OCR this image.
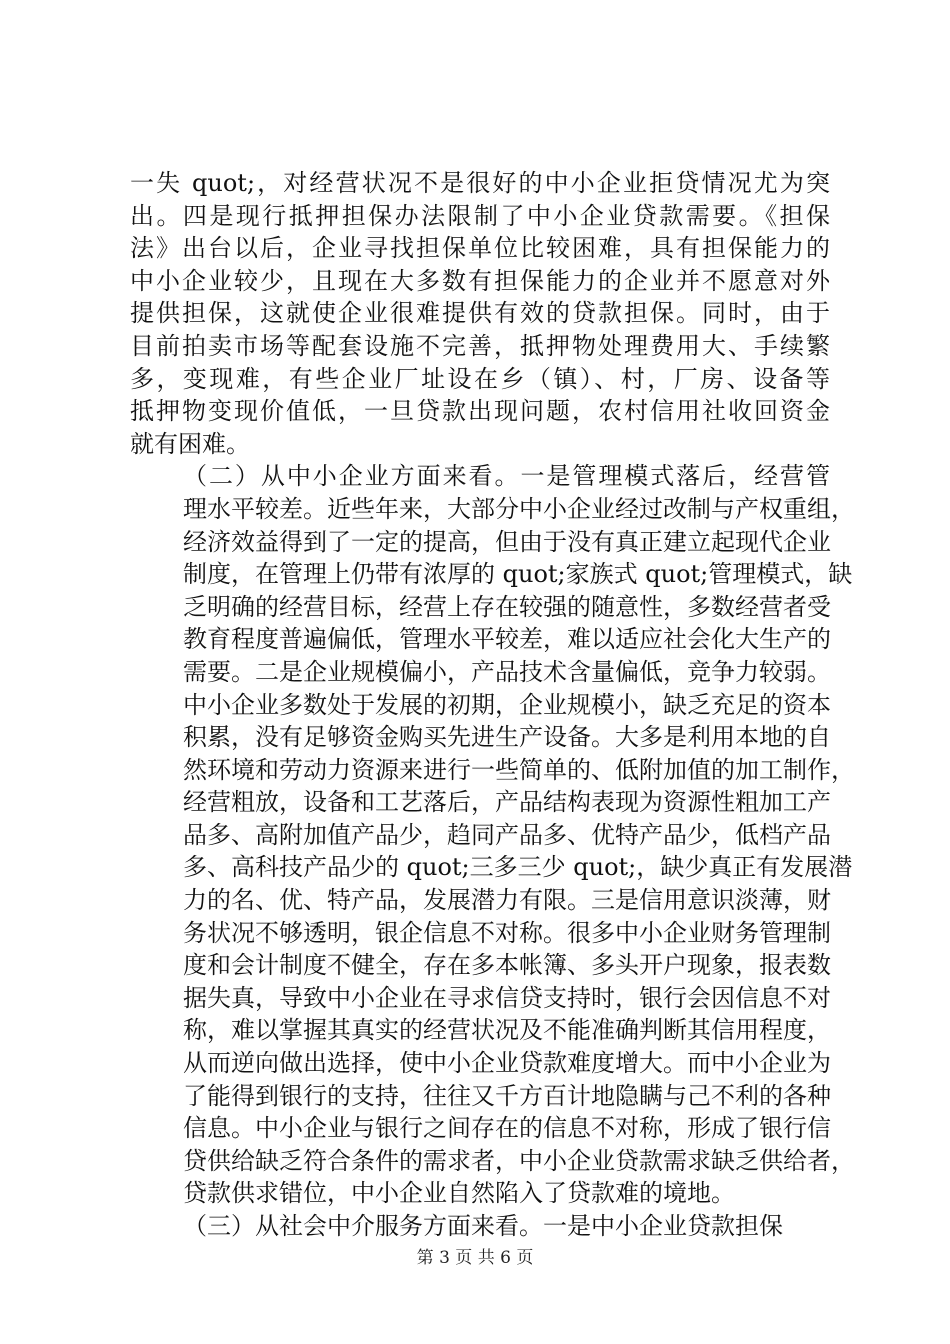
一失 quot;，对经营状况不是很好的中小企业拒贷情况尤为突
出。四是现行抵押担保办法限制了中小企业贷款需要。《担保
法》出台以后，企业寻找担保单位比较困难，具有担保能力的
中小企业较少，且现在大多数有担保能力的企业并不愿意对外
提供担保，这就使企业很难提供有效的贷款担保。同时，由于
目前拍卖市场等配套设施不完善，抵押物处理费用大、手续繁
多，变现难，有些企业厂址设在乡（镇）、村，厂房、设备等
抵押物变现价值低，一旦贷款出现问题，农村信用社收回资金
就有困难。
（二）从中小企业方面来看。一是管理模式落后，经营管
理水平较差。近些年来，大部分中小企业经过改制与产权重组，
经济效益得到了一定的提高，但由于没有真正建立起现代企业
制度，在管理上仍带有浓厚的 quot;家族式 quot;管理模式，缺
乏明确的经营目标，经营上存在较强的随意性，多数经营者受
教育程度普遍偏低，管理水平较差，难以适应社会化大生产的
需要。二是企业规模偏小，产品技术含量偏低，竞争力较弱。
中小企业多数处于发展的初期，企业规模小，缺乏充足的资本
积累，没有足够资金购买先进生产设备。大多是利用本地的自
然环境和劳动力资源来进行一些简单的、低附加值的加工制作，
经营粗放，设备和工艺落后，产品结构表现为资源性粗加工产
品多、高附加值产品少，趋同产品多、优特产品少，低档产品
多、高科技产品少的 quot;三多三少 quot;，缺少真正有发展潜
力的名、优、特产品，发展潜力有限。三是信用意识淡薄，财
务状况不够透明，银企信息不对称。很多中小企业财务管理制
度和会计制度不健全，存在多本帐簿、多头开户现象，报表数
据失真，导致中小企业在寻求信贷支持时，银行会因信息不对
称，难以掌握其真实的经营状况及不能准确判断其信用程度，
从而逆向做出选择，使中小企业贷款难度增大。而中小企业为
了能得到银行的支持，往往又千方百计地隐瞒与己不利的各种
信息。中小企业与银行之间存在的信息不对称，形成了银行信
贷供给缺乏符合条件的需求者，中小企业贷款需求缺乏供给者，
贷款供求错位，中小企业自然陷入了贷款难的境地。
（三）从社会中介服务方面来看。一是中小企业贷款担保
第 3 页 共 6 页
